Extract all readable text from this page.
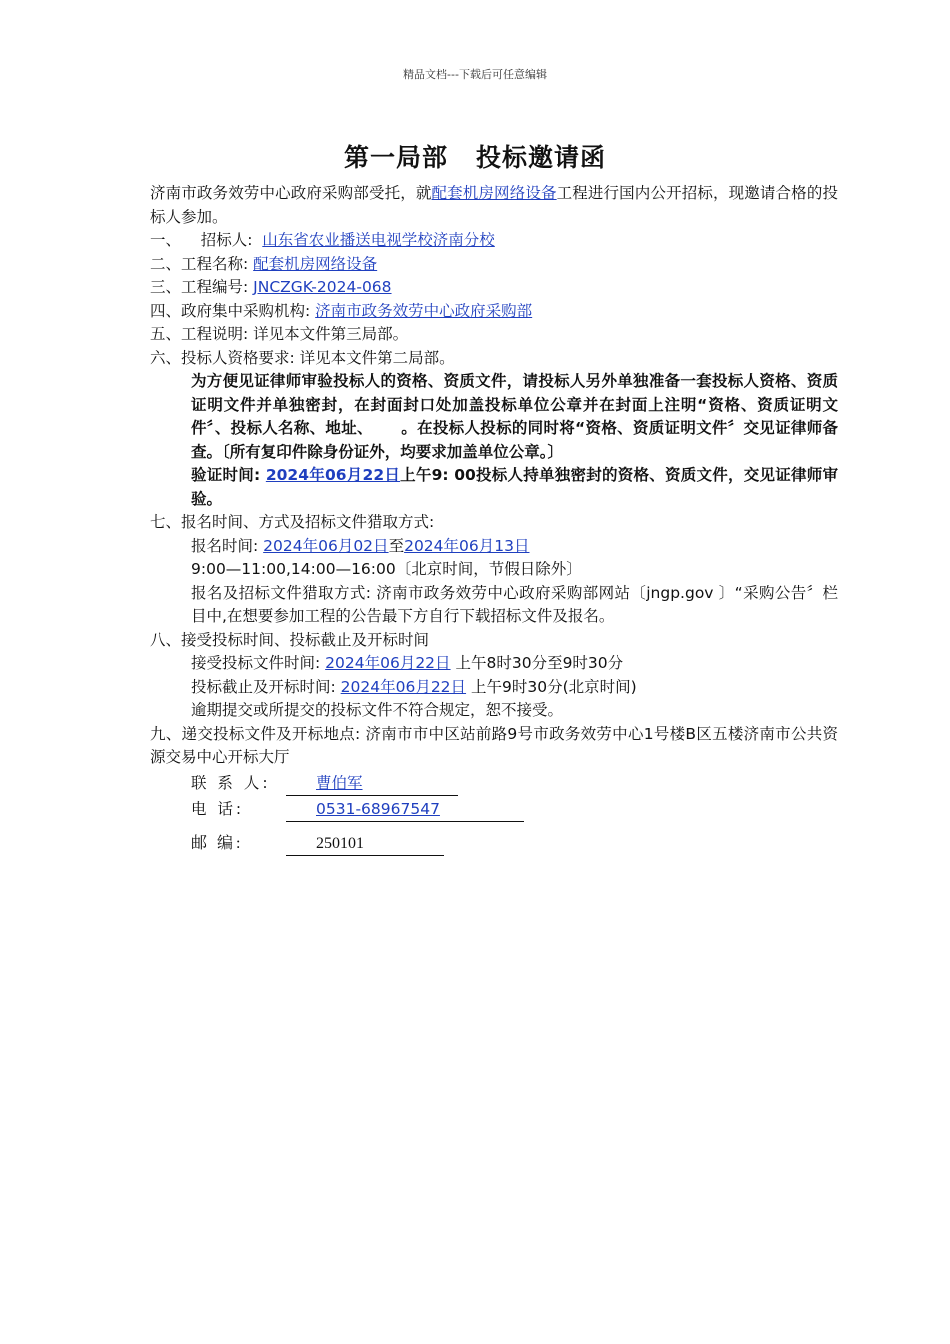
精品文档---下载后可任意编辑
第一局部 投标邀请函

济南市政务效劳中心政府采购部受托，就配套机房网络设备工程进行国内公开招标，现邀请合格的投标人参加。

一、    招标人:  山东省农业播送电视学校济南分校

二、工程名称: 配套机房网络设备

三、工程编号: JNCZGK-2024-068

四、政府集中采购机构: 济南市政务效劳中心政府采购部

五、工程说明: 详见本文件第三局部。

六、投标人资格要求: 详见本文件第二局部。

为方便见证律师审验投标人的资格、资质文件，请投标人另外单独准备一套投标人资格、资质证明文件并单独密封，在封面封口处加盖投标单位公章并在封面上注明“资格、资质证明文件〞、投标人名称、地址、     。在投标人投标的同时将“资格、资质证明文件〞交见证律师备查。〔所有复印件除身份证外，均要求加盖单位公章。〕

验证时间: 2024年06月22日上午9: 00投标人持单独密封的资格、资质文件，交见证律师审验。

七、报名时间、方式及招标文件猎取方式:

报名时间: 2024年06月02日至2024年06月13日

9:00—11:00,14:00—16:00〔北京时间，节假日除外〕

报名及招标文件猎取方式: 济南市政务效劳中心政府采购部网站〔jngp.gov 〕“采购公告〞栏目中,在想要参加工程的公告最下方自行下载招标文件及报名。

八、接受投标时间、投标截止及开标时间

接受投标文件时间: 2024年06月22日 上午8时30分至9时30分

投标截止及开标时间: 2024年06月22日 上午9时30分(北京时间)

逾期提交或所提交的投标文件不符合规定，恕不接受。

九、递交投标文件及开标地点: 济南市市中区站前路9号市政务效劳中心1号楼B区五楼济南市公共资源交易中心开标大厅

联 系 人:	曹伯军
电 话:	0531-68967547
邮 编:	250101
